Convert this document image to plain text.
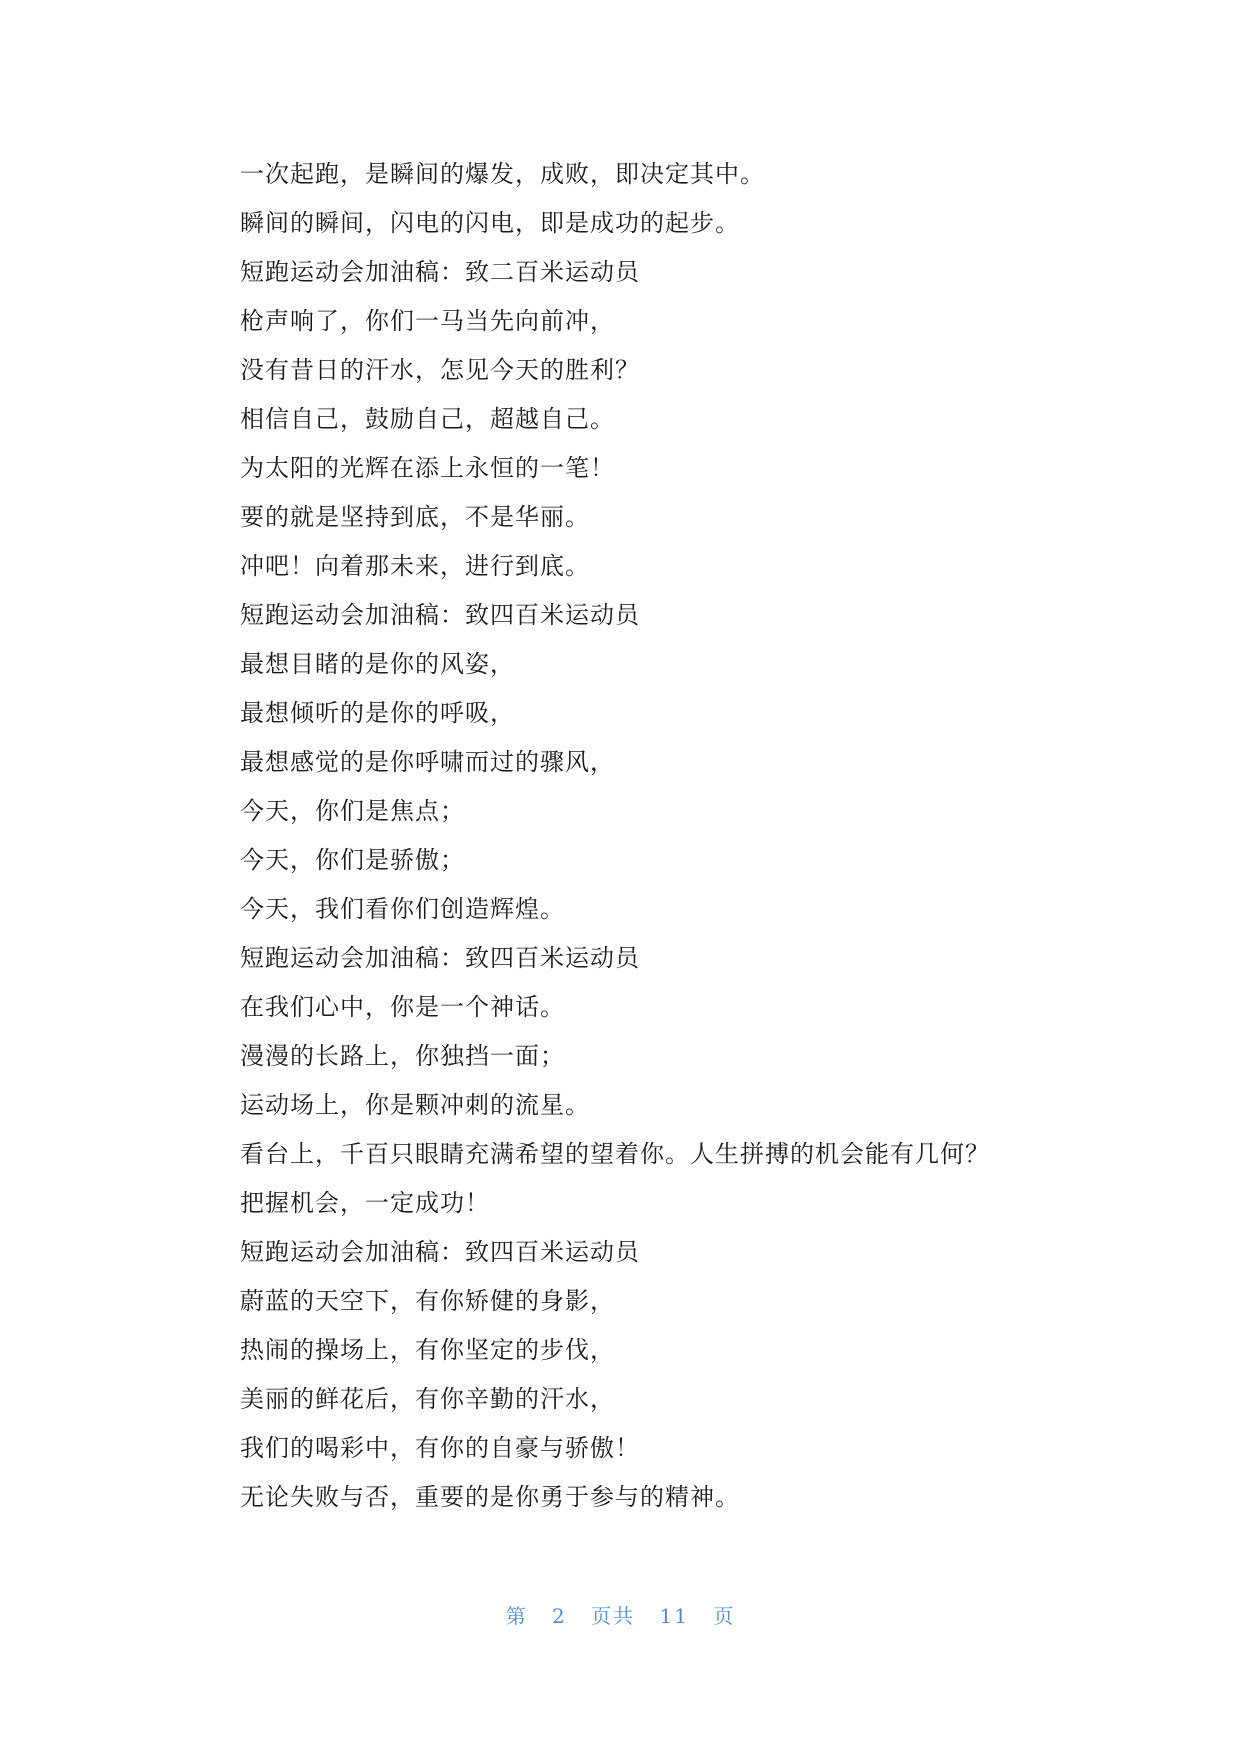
一次起跑，是瞬间的爆发，成败，即决定其中。
瞬间的瞬间，闪电的闪电，即是成功的起步。
短跑运动会加油稿：致二百米运动员
枪声响了，你们一马当先向前冲，
没有昔日的汗水，怎见今天的胜利？
相信自己，鼓励自己，超越自己。
为太阳的光辉在添上永恒的一笔！
要的就是坚持到底，不是华丽。
冲吧！向着那未来，进行到底。
短跑运动会加油稿：致四百米运动员
最想目睹的是你的风姿，
最想倾听的是你的呼吸，
最想感觉的是你呼啸而过的骤风，
今天，你们是焦点；
今天，你们是骄傲；
今天，我们看你们创造辉煌。
短跑运动会加油稿：致四百米运动员
在我们心中，你是一个神话。
漫漫的长路上，你独挡一面；
运动场上，你是颗冲刺的流星。
看台上，千百只眼睛充满希望的望着你。人生拼搏的机会能有几何？
把握机会，一定成功！
短跑运动会加油稿：致四百米运动员
蔚蓝的天空下，有你矫健的身影，
热闹的操场上，有你坚定的步伐，
美丽的鲜花后，有你辛勤的汗水，
我们的喝彩中，有你的自豪与骄傲！
无论失败与否，重要的是你勇于参与的精神。
第 2 页共 11 页
